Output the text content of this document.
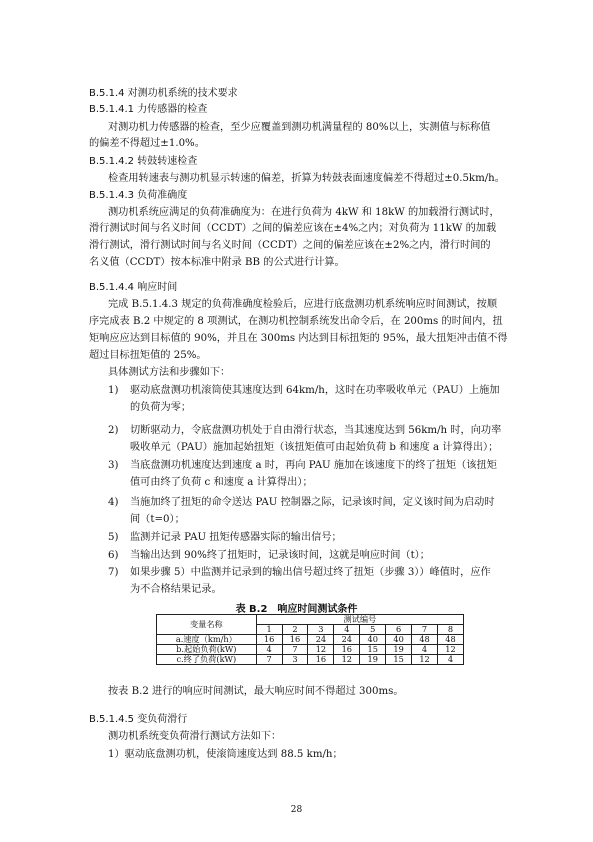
B.5.1.4 对测功机系统的技术要求
B.5.1.4.1 力传感器的检查
对测功机力传感器的检查，至少应覆盖到测功机满量程的 80%以上，实测值与标称值
的偏差不得超过±1.0%。
B.5.1.4.2 转鼓转速检查
检查用转速表与测功机显示转速的偏差，折算为转鼓表面速度偏差不得超过±0.5km/h。
B.5.1.4.3 负荷准确度
测功机系统应满足的负荷准确度为：在进行负荷为 4kW 和 18kW 的加载滑行测试时，
滑行测试时间与名义时间（CCDT）之间的偏差应该在±4%之内；对负荷为 11kW 的加载
滑行测试，滑行测试时间与名义时间（CCDT）之间的偏差应该在±2%之内，滑行时间的
名义值（CCDT）按本标准中附录 BB 的公式进行计算。
B.5.1.4.4 响应时间
完成 B.5.1.4.3 规定的负荷准确度检验后，应进行底盘测功机系统响应时间测试，按顺
序完成表 B.2 中规定的 8 项测试，在测功机控制系统发出命令后，在 200ms 的时间内，扭
矩响应应达到目标值的 90%，并且在 300ms 内达到目标扭矩的 95%，最大扭矩冲击值不得
超过目标扭矩值的 25%。
具体测试方法和步骤如下：
1) 驱动底盘测功机滚筒使其速度达到 64km/h，这时在功率吸收单元（PAU）上施加
的负荷为零；
2) 切断驱动力，令底盘测功机处于自由滑行状态，当其速度达到 56km/h 时，向功率
吸收单元（PAU）施加起始扭矩（该扭矩值可由起始负荷 b 和速度 a 计算得出）；
3) 当底盘测功机速度达到速度 a 时，再向 PAU 施加在该速度下的终了扭矩（该扭矩
值可由终了负荷 c 和速度 a 计算得出）；
4) 当施加终了扭矩的命令送达 PAU 控制器之际，记录该时间，定义该时间为启动时
间（t=0）；
5) 监测并记录 PAU 扭矩传感器实际的输出信号；
6) 当输出达到 90%终了扭矩时，记录该时间，这就是响应时间（t）；
7) 如果步骤 5）中监测并记录到的输出信号超过终了扭矩（步骤 3））峰值时，应作
为不合格结果记录。
表 B.2　响应时间测试条件
变量名称	测试编号							
	1	2	3	4	5	6	7	8
a.速度（km/h）	16	16	24	24	40	40	48	48
b.起始负荷(kW)	4	7	12	16	15	19	4	12
c.终了负荷(kW)	7	3	16	12	19	15	12	4
按表 B.2 进行的响应时间测试，最大响应时间不得超过 300ms。
B.5.1.4.5 变负荷滑行
测功机系统变负荷滑行测试方法如下：
1）驱动底盘测功机，使滚筒速度达到 88.5 km/h；
28
